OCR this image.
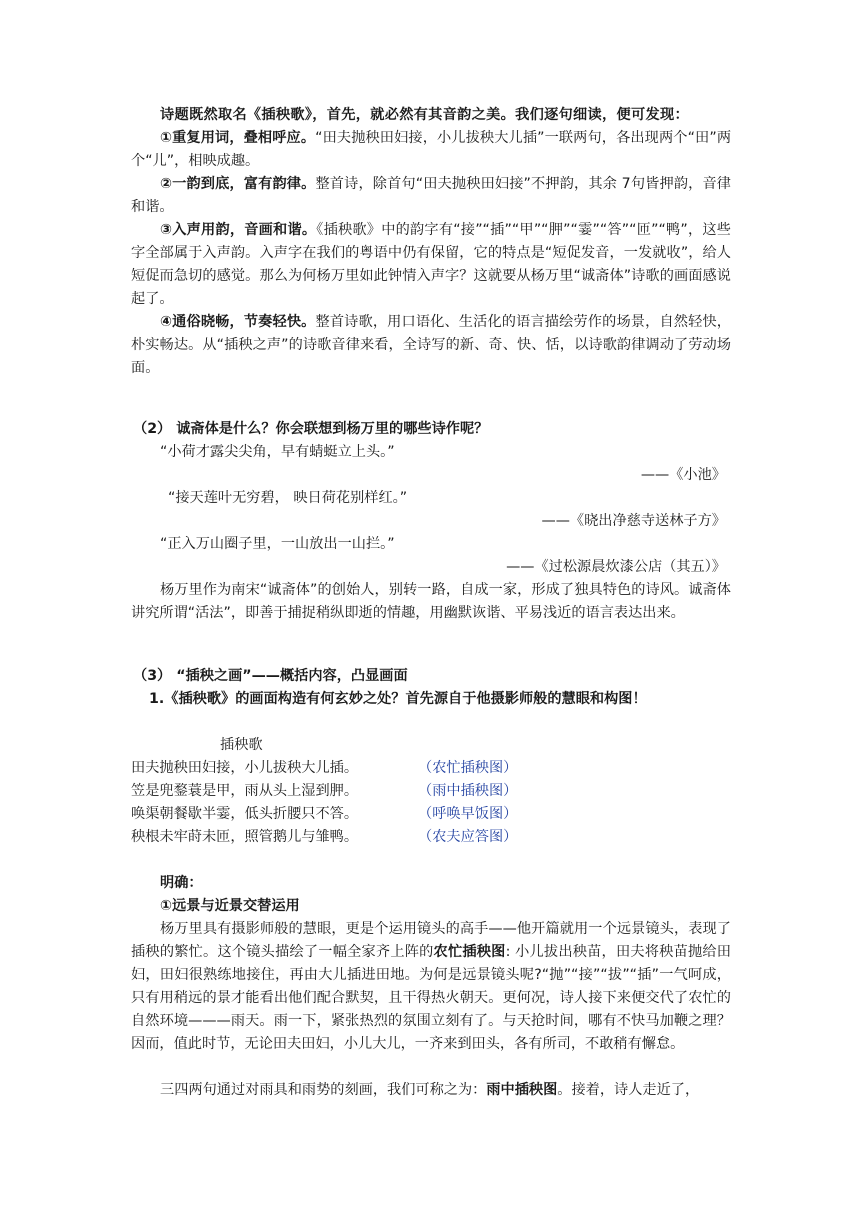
诗题既然取名《插秧歌》，首先，就必然有其音韵之美。我们逐句细读，便可发现：
①重复用词，叠相呼应。“田夫抛秧田妇接，小儿拔秧大儿插”一联两句，各出现两个“田”两个“儿”，相映成趣。
②一韵到底，富有韵律。整首诗，除首句“田夫抛秧田妇接”不押韵，其余 7句皆押韵，音律和谐。
③入声用韵，音画和谐。《插秧歌》中的韵字有“接”“插”“甲”“胛”“霎”“答”“匝”“鸭”，这些字全部属于入声韵。入声字在我们的粤语中仍有保留，它的特点是“短促发音，一发就收”，给人短促而急切的感觉。那么为何杨万里如此钟情入声字？这就要从杨万里“诚斋体”诗歌的画面感说起了。
④通俗晓畅，节奏轻快。整首诗歌，用口语化、生活化的语言描绘劳作的场景，自然轻快，朴实畅达。从“插秧之声”的诗歌音律来看，全诗写的新、奇、快、恬，以诗歌韵律调动了劳动场面。
（2） 诚斋体是什么？你会联想到杨万里的哪些诗作呢？
“小荷才露尖尖角，早有蜻蜓立上头。”
——《小池》
“接天莲叶无穷碧， 映日荷花别样红。”
——《晓出净慈寺送林子方》
“正入万山圈子里，一山放出一山拦。”
——《过松源晨炊漆公店（其五）》
杨万里作为南宋“诚斋体”的创始人，别转一路，自成一家，形成了独具特色的诗风。诚斋体讲究所谓“活法”，即善于捕捉稍纵即逝的情趣，用幽默诙谐、平易浅近的语言表达出来。
（3） “插秧之画”——概括内容，凸显画面
1.《插秧歌》的画面构造有何玄妙之处？首先源自于他摄影师般的慧眼和构图！
插秧歌
田夫抛秧田妇接，小儿拔秧大儿插。	（农忙插秧图）
笠是兜鍪蓑是甲，雨从头上湿到胛。	（雨中插秧图）
唤渠朝餐歇半霎，低头折腰只不答。	（呼唤早饭图）
秧根未牢莳未匝，照管鹅儿与雏鸭。	（农夫应答图）
明确：
①远景与近景交替运用
杨万里具有摄影师般的慧眼，更是个运用镜头的高手——他开篇就用一个远景镜头，表现了插秧的繁忙。这个镜头描绘了一幅全家齐上阵的农忙插秧图: 小儿拔出秧苗，田夫将秧苗抛给田妇，田妇很熟练地接住，再由大儿插进田地。为何是远景镜头呢?“抛”“接”“拔”“插”一气呵成，只有用稍远的景才能看出他们配合默契，且干得热火朝天。更何况，诗人接下来便交代了农忙的自然环境———雨天。雨一下，紧张热烈的氛围立刻有了。与天抢时间，哪有不快马加鞭之理？因而，值此时节，无论田夫田妇，小儿大儿，一齐来到田头，各有所司，不敢稍有懈怠。
三四两句通过对雨具和雨势的刻画，我们可称之为：雨中插秧图。接着，诗人走近了，
